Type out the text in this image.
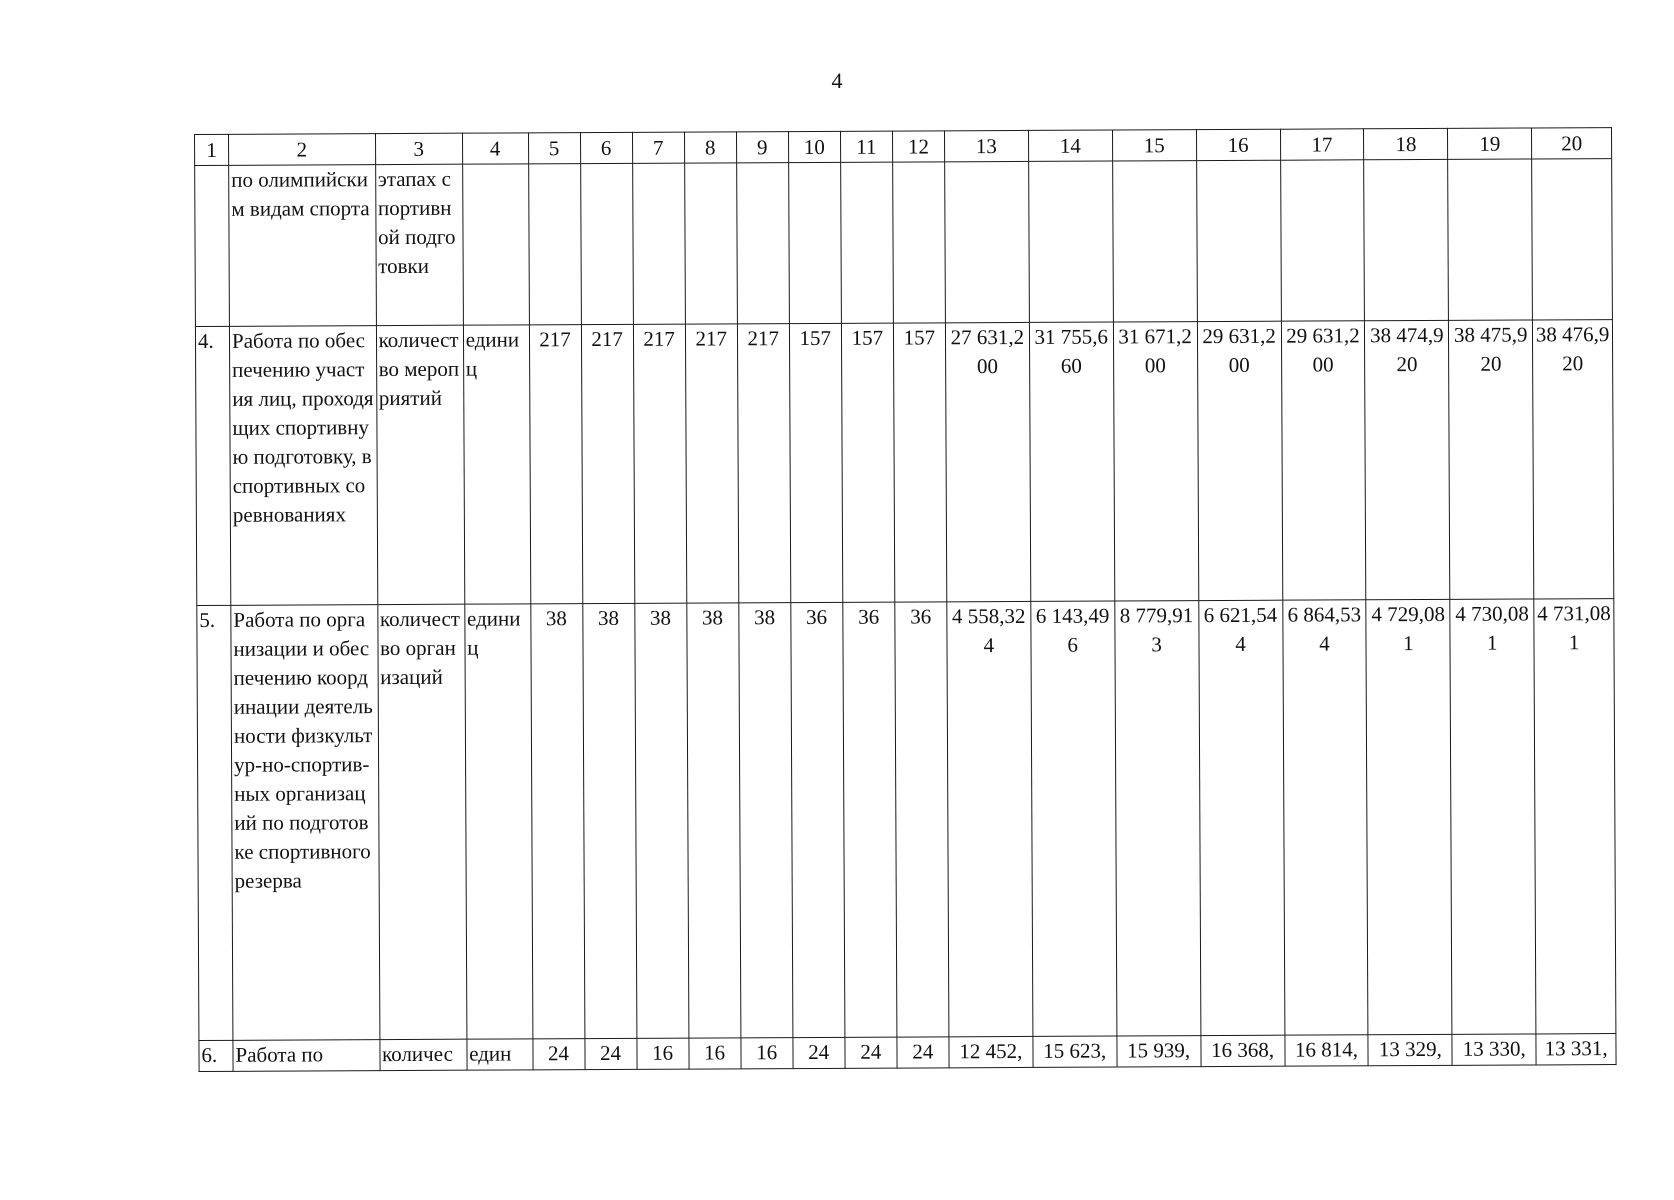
4
1	2	3	4	5	6	7	8	9	10	11	12	13	14	15	16	17	18	19	20
	по олимпийским видам спорта	этапах спортивной подготовки																	
4.	Работа по обеспечению участия лиц, проходящих спортивную подготовку, в спортивных соревнованиях	количество мероприятий	единиц	217	217	217	217	217	157	157	157	27 631,200	31 755,660	31 671,200	29 631,200	29 631,200	38 474,920	38 475,920	38 476,920
5.	Работа по организации и обеспечению координации деятельности физкультур-но-спортив-ных организаций по подготовке спортивного резерва	количество организаций	единиц	38	38	38	38	38	36	36	36	4 558,324	6 143,496	8 779,913	6 621,544	6 864,534	4 729,081	4 730,081	4 731,081
6.	Работа по	количес	един	24	24	16	16	16	24	24	24	12 452,	15 623,	15 939,	16 368,	16 814,	13 329,	13 330,	13 331,
